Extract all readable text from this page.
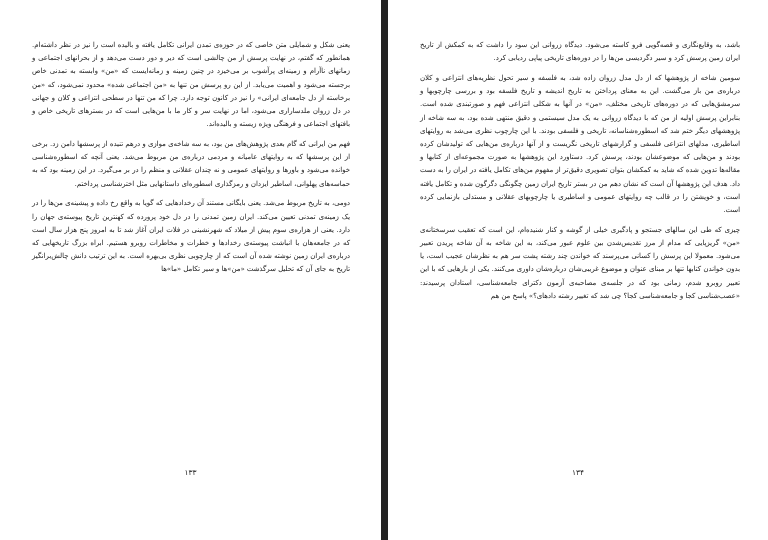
یعنی شکل و شمایلی متن خاصی که در حوزه‌ی تمدن ایرانی تکامل یافته و بالیده است را نیز در نظر داشته‌ام. همانطور که گفتم، در نهایت پرسش از من چالشی است که دیر و دور دست می‌دهد و از بحرانهای اجتماعی و زمانهای ناآرام و زمینه‌ای پرآشوب بر می‌خیزد در چنین زمینه و زمانه‌ایست که «من» وابسته به تمدنی خاص برجسته می‌شود و اهمیت می‌یابد. از این رو پرسش من تنها به «من اجتماعی شده» محدود نمی‌شود، که «من برخاسته از دل جامعه‌ای ایرانی» را نیز در کانون توجه دارد. چرا که من تنها در سطحی انتزاعی و کلان و جهانی در دل زروان ملدساراری می‌شود، اما در نهایت سر و کار ما با من‌هایی است که در بسترهای تاریخی خاص و بافتهای اجتماعی و فرهنگی ویژه زیسته و بالیده‌اند.

فهم من ایرانی که گام بعدی پژوهش‌های من بود، به سه شاخه‌ی موازی و درهم تنیده از پرسشها دامن زد. برخی از این پرسشها که به روایتهای عامیانه و مردمی درباره‌ی من مربوط می‌شد. یعنی آنچه که اسطوره‌شناسی خوانده می‌شود و باورها و روایتهای عمومی و نه چندان عقلانی و منظم را در بر می‌گیرد. در این زمینه بود که به حماسه‌های پهلوانی، اساطیر ایزدان و رمزگذاری اسطوره‌ای داستانهایی مثل اختر‌شناسی پرداختم.

دومی، به تاریخ مربوط می‌شد. یعنی بایگانی مستند آن رخدادهایی که گویا به واقع رخ داده و پیشینه‌ی من‌ها را در یک زمینه‌ی تمدنی تعیین می‌کند. ایران زمین تمدنی را در دل خود پرورده که کهنترین تاریخ پیوسته‌ی جهان را دارد. یعنی از هزاره‌ی سوم پیش از میلاد که شهرنشینی در فلات ایران آغاز شد تا به امروز پنج هزار سال است که در جامعه‌ها‌ن با انباشت پیوسته‌ی رخدادها و خطرات و مخاطرات روبرو هستیم. ابراه بزرگ تاریخهایی که درباره‌ی ایران زمین نوشته شده آن است که از چارچوبی نظری بی‌بهره است. به این ترتیب دانش چالش‌برانگیز تاریخ به جای آن که تحلیل سرگذشت «من»ها و سیر تکامل «ما»ها

۱۳۳

باشد، به وقایع‌نگاری و قصه‌گویی فرو کاسته می‌شود. دیدگاه زروانی این سود را داشت که به کمکش از تاریخ ایران زمین پرسش کرد و سیر دگردیسی من‌ها را در دوره‌های تاریخی پیاپی ردیابی کرد.

سومین شاخه از پژوهشها که از دل مدل زروان زاده شد، به فلسفه و سیر تحول نظریه‌های انتزاعی و کلان درباره‌ی من باز می‌گشت. این به معنای پرداختن به تاریخ اندیشه و تاریخ فلسفه بود و بررسی چارچوبها و سرمشق‌هایی که در دوره‌های تاریخی مختلف، «من» در آنها به شکلی انتزاعی فهم و صورتبندی شده است. بنابراین پرسش اولیه از من که با دیدگاه زروانی به یک مدل سیستمی و دقیق منتهی شده بود، به سه شاخه از پژوهشهای دیگر ختم شد که اسطوره‌شناسانه، تاریخی و فلسفی بودند. با این چارچوب نظری می‌شد به روایتهای اساطیری، مدلهای انتزاعی فلسفی و گزارشهای تاریخی نگریست و از آنها درباره‌ی من‌هایی که تولیدشان کرده بودند و من‌هایی که موضوعشان بودند، پرسش کرد. دستاورد این پژوهشها به صورت مجموعه‌ای از کتابها و مقاله‌ها تدوین شده که شاید به کمکشان بتوان تصویری دقیق‌تر از مفهوم من‌های تکامل یافته در ایران را به دست داد. هدف این پژوهشها آن است که نشان دهم من در بستر تاریخ ایران زمین چگونگی دگرگون شده و تکامل یافته است، و خویشتن را در قالب چه روایتهای عمومی و اساطیری یا چارچوبهای عقلانی و مستدلی بازنمایی کرده است.

چیزی که طی این سالهای جستجو و پادگیری خیلی از گوشه و کنار شنیده‌ام، این است که تعقیب سرسختانه‌ی «من» گریزپایی که مدام از مرز تقدیس‌شدن بین علوم عبور می‌کند، به این شاخه به آن شاخه پریدن تعبیر می‌شود. معمولا این پرسش را کسانی می‌پرسند که خواندن چند رشته پشت سر هم به نظرشان عجیب است، یا بدون خواندن کتابها تنها بر مبنای عنوان و موضوع غریبی‌شان درباره‌شان داوری می‌کنند. یکی از بارهایی که با این تعبیر روبرو شدم، زمانی بود که در جلسه‌ی مصاحبه‌ی آزمون دکترای جامعه‌شناسی، استادان پرسیدند: «عصب‌شناسی کجا و جامعه‌شناسی کجا؟ چی شد که تغییر رشته دادهای؟» پاسخ من هم

۱۳۴
